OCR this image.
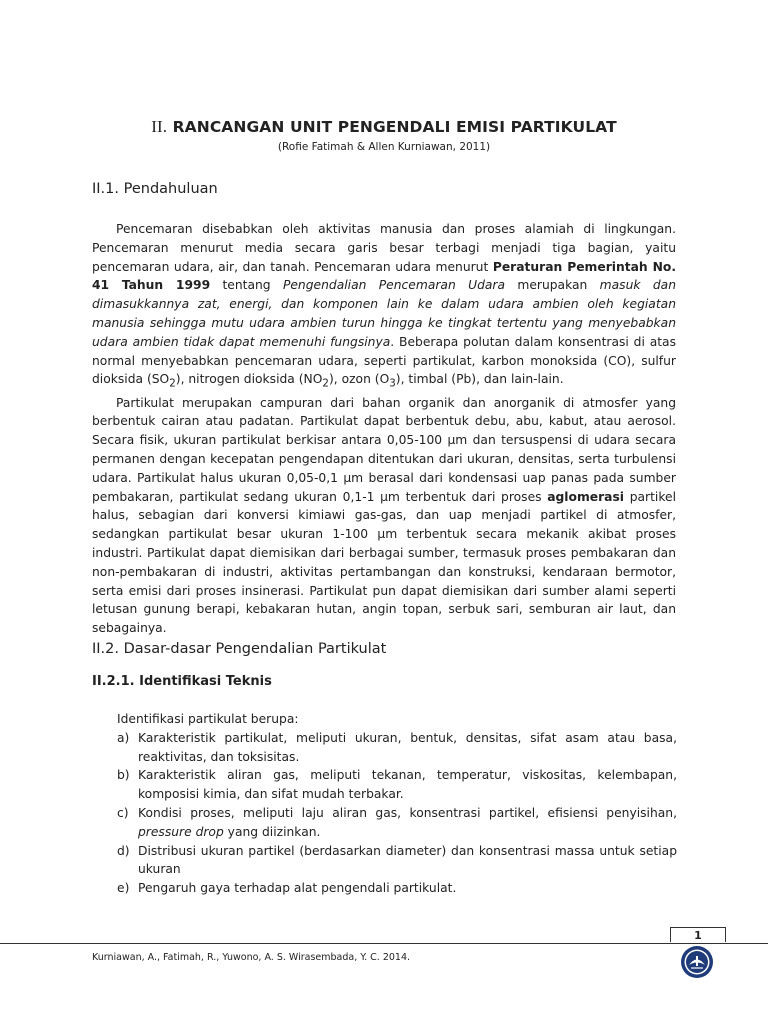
II. RANCANGAN UNIT PENGENDALI EMISI PARTIKULAT
(Rofie Fatimah & Allen Kurniawan, 2011)
II.1. Pendahuluan

Pencemaran disebabkan oleh aktivitas manusia dan proses alamiah di lingkungan. Pencemaran menurut media secara garis besar terbagi menjadi tiga bagian, yaitu pencemaran udara, air, dan tanah. Pencemaran udara menurut Peraturan Pemerintah No. 41 Tahun 1999 tentang Pengendalian Pencemaran Udara merupakan masuk dan dimasukkannya zat, energi, dan komponen lain ke dalam udara ambien oleh kegiatan manusia sehingga mutu udara ambien turun hingga ke tingkat tertentu yang menyebabkan udara ambien tidak dapat memenuhi fungsinya. Beberapa polutan dalam konsentrasi di atas normal menyebabkan pencemaran udara, seperti partikulat, karbon monoksida (CO), sulfur dioksida $(SO_2)$, nitrogen dioksida $(NO_2)$, ozon $(O_3)$, timbal (Pb), dan lain-lain.

Partikulat merupakan campuran dari bahan organik dan anorganik di atmosfer yang berbentuk cairan atau padatan. Partikulat dapat berbentuk debu, abu, kabut, atau aerosol. Secara fisik, ukuran partikulat berkisar antara 0,05-100 µm dan tersuspensi di udara secara permanen dengan kecepatan pengendapan ditentukan dari ukuran, densitas, serta turbulensi udara. Partikulat halus ukuran 0,05-0,1 µm berasal dari kondensasi uap panas pada sumber pembakaran, partikulat sedang ukuran 0,1-1 µm terbentuk dari proses aglomerasi partikel halus, sebagian dari konversi kimiawi gas-gas, dan uap menjadi partikel di atmosfer, sedangkan partikulat besar ukuran 1-100 µm terbentuk secara mekanik akibat proses industri. Partikulat dapat diemisikan dari berbagai sumber, termasuk proses pembakaran dan non-pembakaran di industri, aktivitas pertambangan dan konstruksi, kendaraan bermotor, serta emisi dari proses insinerasi. Partikulat pun dapat diemisikan dari sumber alami seperti letusan gunung berapi, kebakaran hutan, angin topan, serbuk sari, semburan air laut, dan sebagainya.

II.2. Dasar-dasar Pengendalian Partikulat
II.2.1. Identifikasi Teknis

Identifikasi partikulat berupa:

a) Karakteristik partikulat, meliputi ukuran, bentuk, densitas, sifat asam atau basa, reaktivitas, dan toksisitas.
b) Karakteristik aliran gas, meliputi tekanan, temperatur, viskositas, kelembapan, komposisi kimia, dan sifat mudah terbakar.
c) Kondisi proses, meliputi laju aliran gas, konsentrasi partikel, efisiensi penyisihan, pressure drop yang diizinkan.
d) Distribusi ukuran partikel (berdasarkan diameter) dan konsentrasi massa untuk setiap ukuran
e) Pengaruh gaya terhadap alat pengendali partikulat.
1
Kurniawan, A., Fatimah, R., Yuwono, A. S. Wirasembada, Y. C. 2014.
